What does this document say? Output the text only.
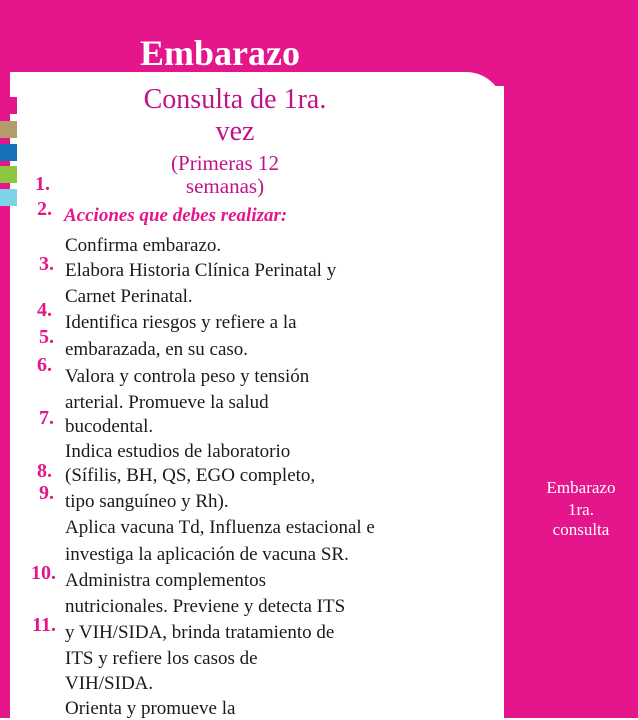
Embarazo
Consulta de 1ra.
vez
(Primeras 12
semanas)
Acciones que debes realizar:
1.
2.
3.
4.
5.
6.
7.
8.
9.
10.
11.
Confirma embarazo.
Elabora Historia Clínica Perinatal y
Carnet Perinatal.
Identifica riesgos y refiere a la
embarazada, en su caso.
Valora y controla peso y tensión
arterial. Promueve la salud
bucodental.
Indica estudios de laboratorio
(Sífilis, BH, QS, EGO completo,
tipo sanguíneo y Rh).
Aplica vacuna Td, Influenza estacional e
investiga la aplicación de vacuna SR.
Administra complementos
nutricionales. Previene y detecta ITS
y VIH/SIDA, brinda tratamiento de
ITS y refiere los casos de
VIH/SIDA.
Orienta y promueve la
Embarazo
1ra.
consulta
